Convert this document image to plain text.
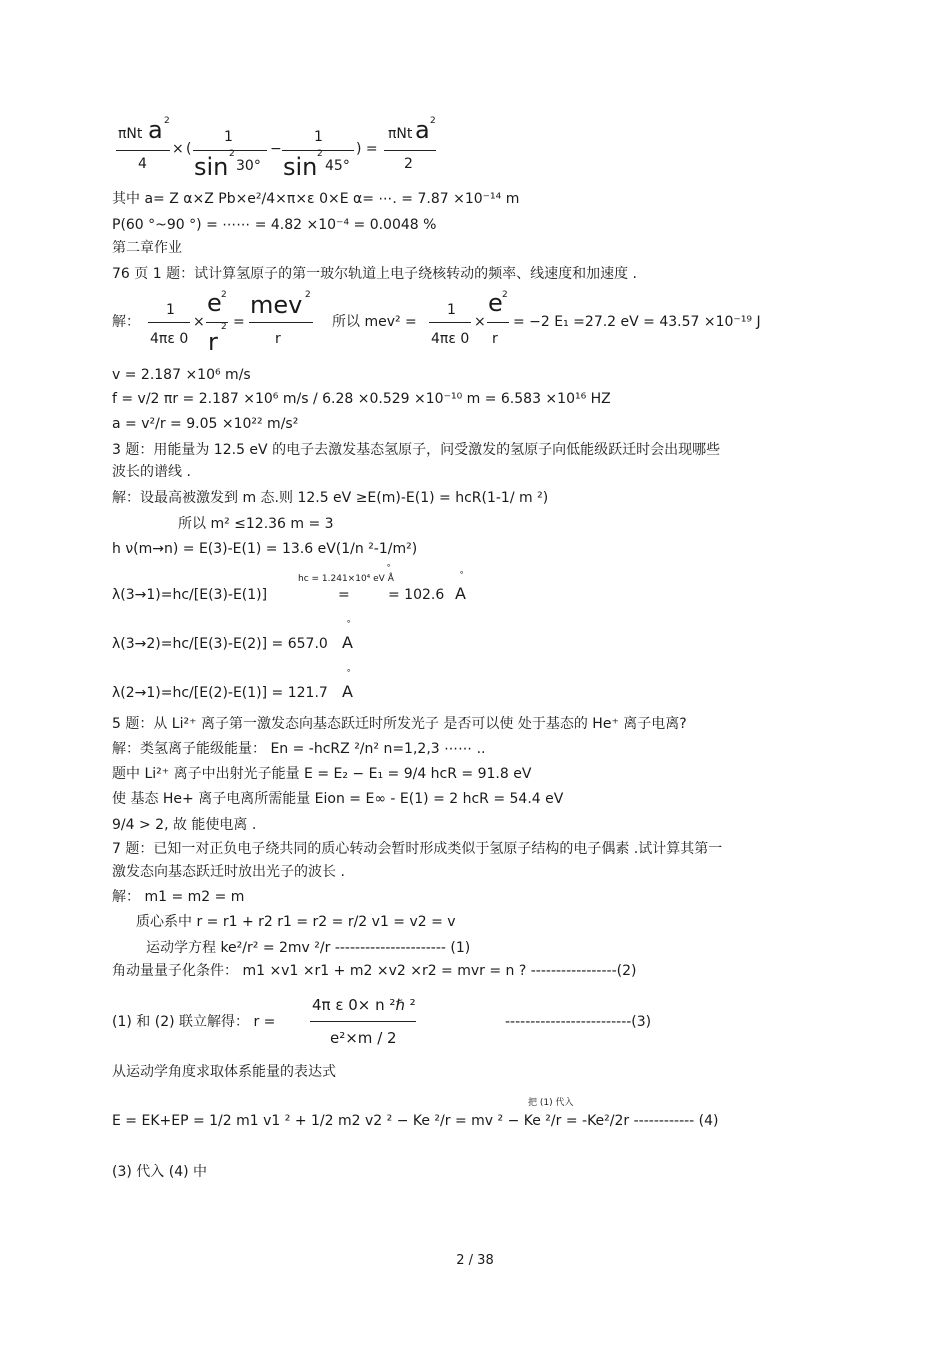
πNt a 2
4
× (
1
sin 2
30°
−
1
sin 2
45°
) =
πNt a 2
2
其中 a= Z α×Z Pb×e²/4×π×ε 0×E α= ⋯. = 7.87 ×10⁻¹⁴ m
P(60 °~90 °) = ⋯⋯ = 4.82 ×10⁻⁴ = 0.0048 %
第二章作业
76 页 1 题：试计算氢原子的第一玻尔轨道上电子绕核转动的频率、线速度和加速度 .
解：
1
4πε 0
×
e 2
r
2 =
mev 2
r
所以 mev² =
1
4πε 0
×
e 2
r
= −2 E₁ =27.2 eV = 43.57 ×10⁻¹⁹ J
v = 2.187 ×10⁶ m/s
f = v/2 πr = 2.187 ×10⁶ m/s / 6.28 ×0.529 ×10⁻¹⁰ m = 6.583 ×10¹⁶ HZ
a = v²/r = 9.05 ×10²² m/s²
3 题：用能量为 12.5 eV 的电子去激发基态氢原子，问受激发的氢原子向低能级跃迁时会出现哪些
波长的谱线 .
解：设最高被激发到 m 态.则 12.5 eV ≥E(m)-E(1) = hcR(1-1/ m ²)
所以 m² ≤12.36 m = 3
h ν(m→n) = E(3)-E(1) = 13.6 eV(1/n ²-1/m²)
hc = 1.241×10⁴ eV Å
∘
λ(3→1)=hc/[E(3)-E(1)]	=	= 102.6
∘
A
λ(3→2)=hc/[E(3)-E(2)] = 657.0
∘
A
λ(2→1)=hc/[E(2)-E(1)] = 121.7
∘
A
5 题：从 Li²⁺ 离子第一激发态向基态跃迁时所发光子 是否可以使 处于基态的 He⁺ 离子电离?
解：类氢离子能级能量： En = -hcRZ ²/n² n=1,2,3 ⋯⋯ ..
题中 Li²⁺ 离子中出射光子能量 E = E₂ − E₁ = 9/4 hcR = 91.8 eV
使 基态 He+ 离子电离所需能量 Eion = E∞ - E(1) = 2 hcR = 54.4 eV
9/4 > 2, 故 能使电离 .
7 题：已知一对正负电子绕共同的质心转动会暂时形成类似于氢原子结构的电子偶素 .试计算其第一
激发态向基态跃迁时放出光子的波长 .
解： m1 = m2 = m
质心系中 r = r1 + r2 r1 = r2 = r/2 v1 = v2 = v
运动学方程 ke²/r² = 2mv ²/r ---------------------- (1)
角动量量子化条件： m1 ×v1 ×r1 + m2 ×v2 ×r2 = mvr = n ? -----------------(2)
(1) 和 (2) 联立解得： r =
4π ε 0× n ²ℏ ²
e²×m / 2
-------------------------(3)
从运动学角度求取体系能量的表达式
把 (1) 代入
E = EK+EP = 1/2 m1 v1 ² + 1/2 m2 v2 ² − Ke ²/r = mv ² − Ke ²/r = -Ke²/2r ------------ (4)
(3) 代入 (4) 中
2 / 38
